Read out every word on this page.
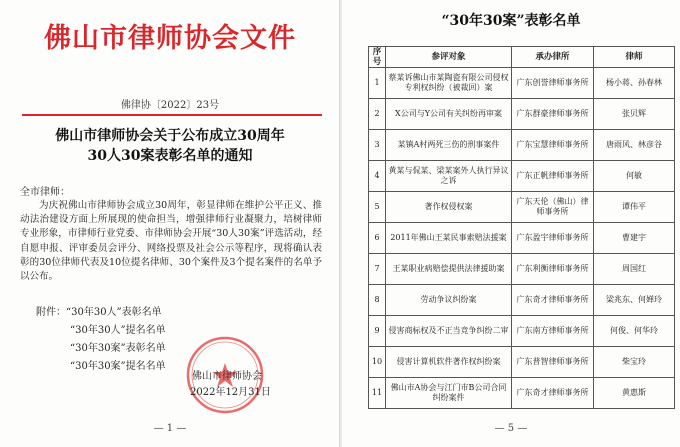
佛山市律师协会文件
佛律协〔2022〕23号
佛山市律师协会关于公布成立30周年
30人30案表彰名单的通知
全市律师：

为庆祝佛山市律师协会成立30周年，彰显律师在维护公平正义、推动法治建设方面上所展现的使命担当，增强律师行业凝聚力，培树律师专业形象，市律师行业党委、市律师协会开展“30人30案”评选活动，经自愿申报、评审委员会评分、网络投票及社会公示等程序，现将确认表彰的30位律师代表及10位提名律师、30个案件及3个提名案件的名单予以公布。

附件：“30年30人”表彰名单
“30年30人”提名名单
“30年30案”表彰名单
“30年30案”提名名单
佛山市律师协会
2022年12月31日
— 1 —
“30年30案”表彰名单
序号	参评对象	承办律所	律师
1	蔡某诉佛山市某陶瓷有限公司侵权专利权纠纷（被裁回）案	广东创誉律师事务所	杨小蒋、孙春林
2	X公司与Y公司有关纠纷再审案	广东群豪律师事务所	张贝辉
3	某镇A村两死三伤的刑事案件	广东宝慧律师事务所	唐雨风、林彦谷
4	黄某与侃某、梁某案外人执行异议之诉	广东正帆律师事务所	何敏
5	著作权侵权案	广东天伦（佛山）律师事务所	谭伟平
6	2011年佛山王某民事索赔法援案	广东盈宇律师事务所	曹建宇
7	王某职业病赔偿提供法律援助案	广东利衡律师事务所	周国红
8	劳动争议纠纷案	广东奇才律师事务所	梁兆东、何婵玲
9	侵害商标权及不正当竞争纠纷二审	广东南方律师事务所	何俊、何华玲
10	侵害计算机软件著作权纠纷案	广东普智律师事务所	柴宝玲
11	佛山市A协会与江门市B公司合同纠纷案件	广东奇才律师事务所	黄惠斯
— 5 —
